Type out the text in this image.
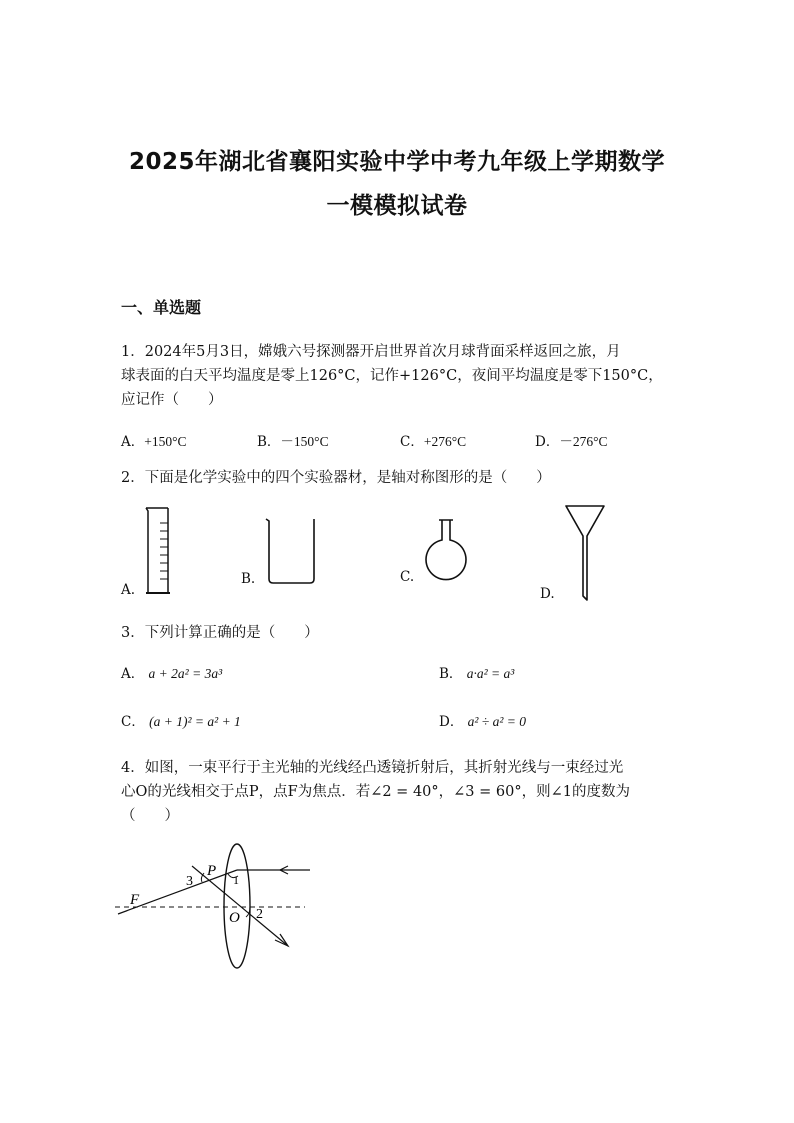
2025年湖北省襄阳实验中学中考九年级上学期数学
一模模拟试卷
一、单选题
1．2024年5月3日，嫦娥六号探测器开启世界首次月球背面采样返回之旅，月
球表面的白天平均温度是零上126°C，记作+126°C，夜间平均温度是零下150°C，
应记作（　　）
A．+150°C	B．－150°C	C．+276°C	D．－276°C
2．下面是化学实验中的四个实验器材，是轴对称图形的是（　　）
A.
B.	C.
D.
3．下列计算正确的是（　　）
A． a + 2a² = 3a³	B． a·a² = a³
C． (a + 1)² = a² + 1	D． a² ÷ a² = 0
4．如图，一束平行于主光轴的光线经凸透镜折射后，其折射光线与一束经过光
心O的光线相交于点P，点F为焦点．若∠2 = 40°，∠3 = 60°，则∠1的度数为
（　　）
P
F
O
1
2
3
